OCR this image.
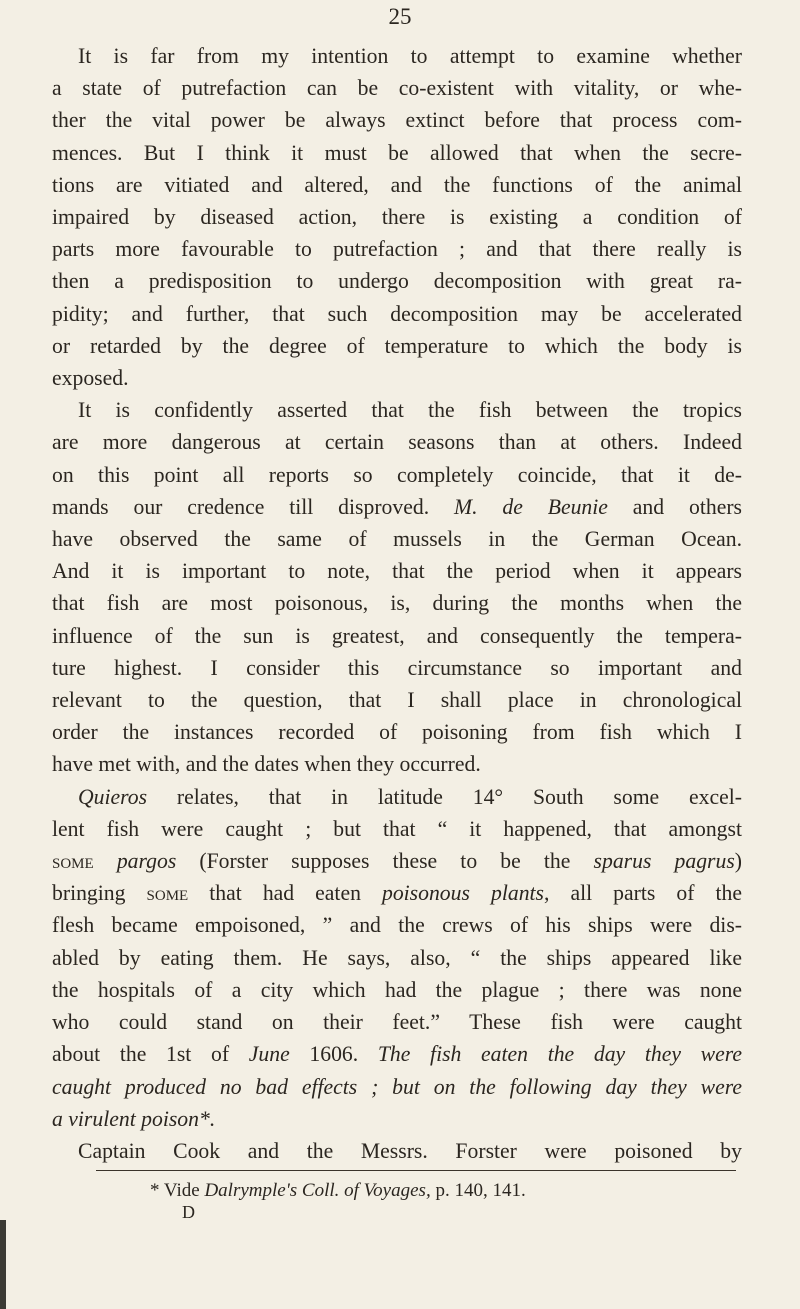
25
It is far from my intention to attempt to examine whether
a state of putrefaction can be co-existent with vitality, or whe-
ther the vital power be always extinct before that process com-
mences. But I think it must be allowed that when the secre-
tions are vitiated and altered, and the functions of the animal
impaired by diseased action, there is existing a condition of
parts more favourable to putrefaction ; and that there really is
then a predisposition to undergo decomposition with great ra-
pidity; and further, that such decomposition may be accelerated
or retarded by the degree of temperature to which the body is
exposed.
It is confidently asserted that the fish between the tropics
are more dangerous at certain seasons than at others. Indeed
on this point all reports so completely coincide, that it de-
mands our credence till disproved. M. de Beunie and others
have observed the same of mussels in the German Ocean.
And it is important to note, that the period when it appears
that fish are most poisonous, is, during the months when the
influence of the sun is greatest, and consequently the tempera-
ture highest. I consider this circumstance so important and
relevant to the question, that I shall place in chronological
order the instances recorded of poisoning from fish which I
have met with, and the dates when they occurred.
Quieros relates, that in latitude 14° South some excel-
lent fish were caught ; but that “ it happened, that amongst
some pargos (Forster supposes these to be the sparus pagrus)
bringing some that had eaten poisonous plants, all parts of the
flesh became empoisoned, ” and the crews of his ships were dis-
abled by eating them. He says, also, “ the ships appeared like
the hospitals of a city which had the plague ; there was none
who could stand on their feet.” These fish were caught
about the 1st of June 1606. The fish eaten the day they were
caught produced no bad effects ; but on the following day they were
a virulent poison*.
Captain Cook and the Messrs. Forster were poisoned by
* Vide Dalrymple's Coll. of Voyages, p. 140, 141.
D
